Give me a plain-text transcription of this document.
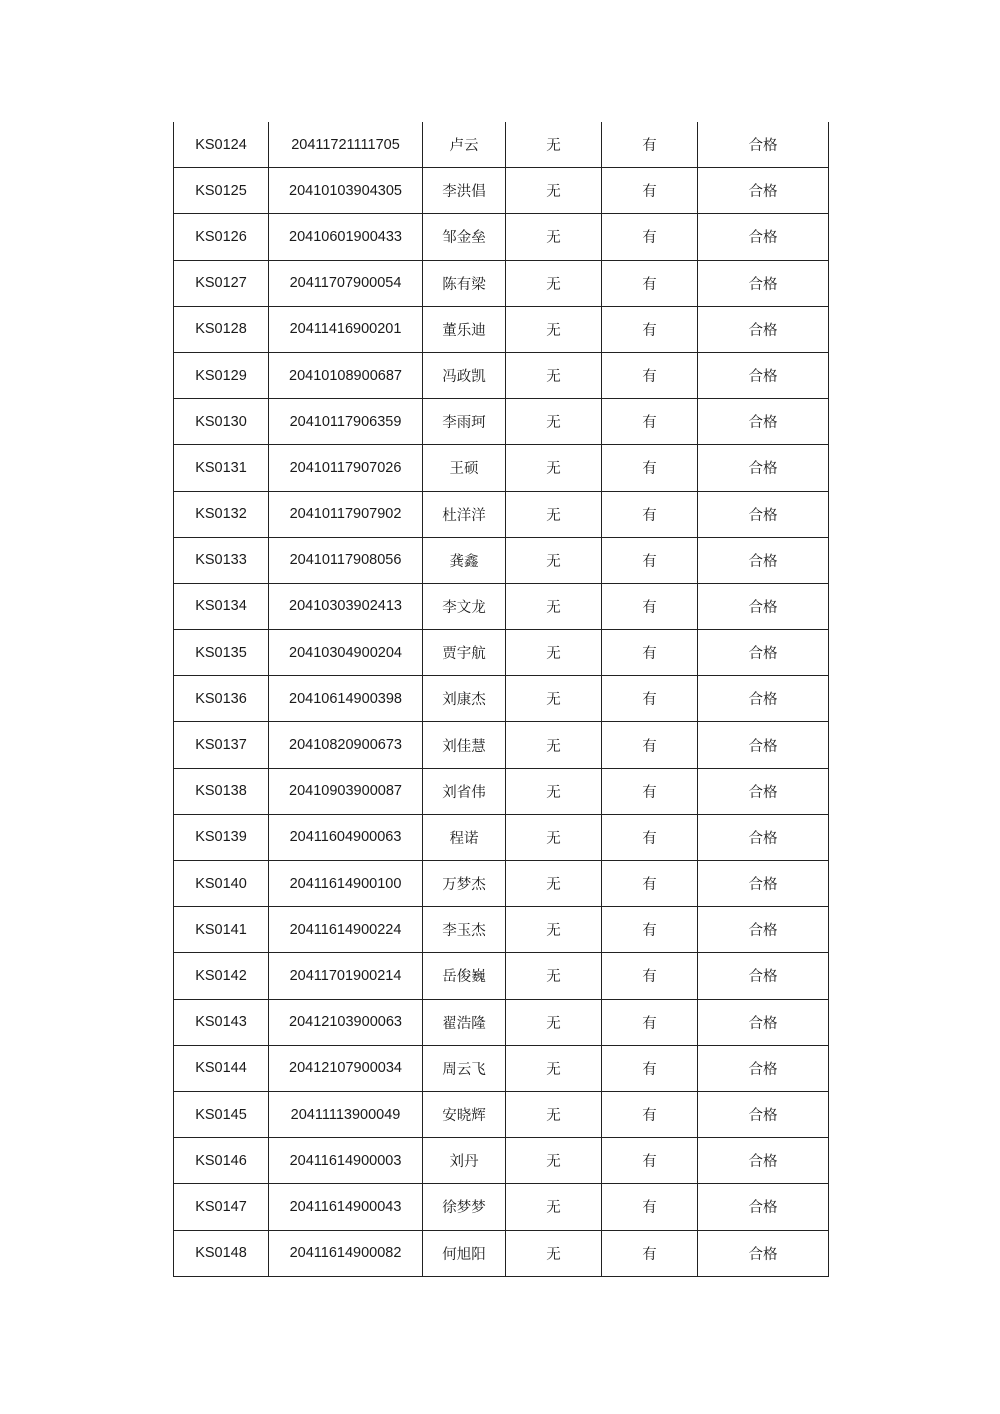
KS0124	20411721111705	卢云	无	有	合格
KS0125	20410103904305	李洪倡	无	有	合格
KS0126	20410601900433	邹金垒	无	有	合格
KS0127	20411707900054	陈有梁	无	有	合格
KS0128	20411416900201	董乐迪	无	有	合格
KS0129	20410108900687	冯政凯	无	有	合格
KS0130	20410117906359	李雨珂	无	有	合格
KS0131	20410117907026	王硕	无	有	合格
KS0132	20410117907902	杜洋洋	无	有	合格
KS0133	20410117908056	龚鑫	无	有	合格
KS0134	20410303902413	李文龙	无	有	合格
KS0135	20410304900204	贾宇航	无	有	合格
KS0136	20410614900398	刘康杰	无	有	合格
KS0137	20410820900673	刘佳慧	无	有	合格
KS0138	20410903900087	刘省伟	无	有	合格
KS0139	20411604900063	程诺	无	有	合格
KS0140	20411614900100	万梦杰	无	有	合格
KS0141	20411614900224	李玉杰	无	有	合格
KS0142	20411701900214	岳俊巍	无	有	合格
KS0143	20412103900063	翟浩隆	无	有	合格
KS0144	20412107900034	周云飞	无	有	合格
KS0145	20411113900049	安晓辉	无	有	合格
KS0146	20411614900003	刘丹	无	有	合格
KS0147	20411614900043	徐梦梦	无	有	合格
KS0148	20411614900082	何旭阳	无	有	合格
